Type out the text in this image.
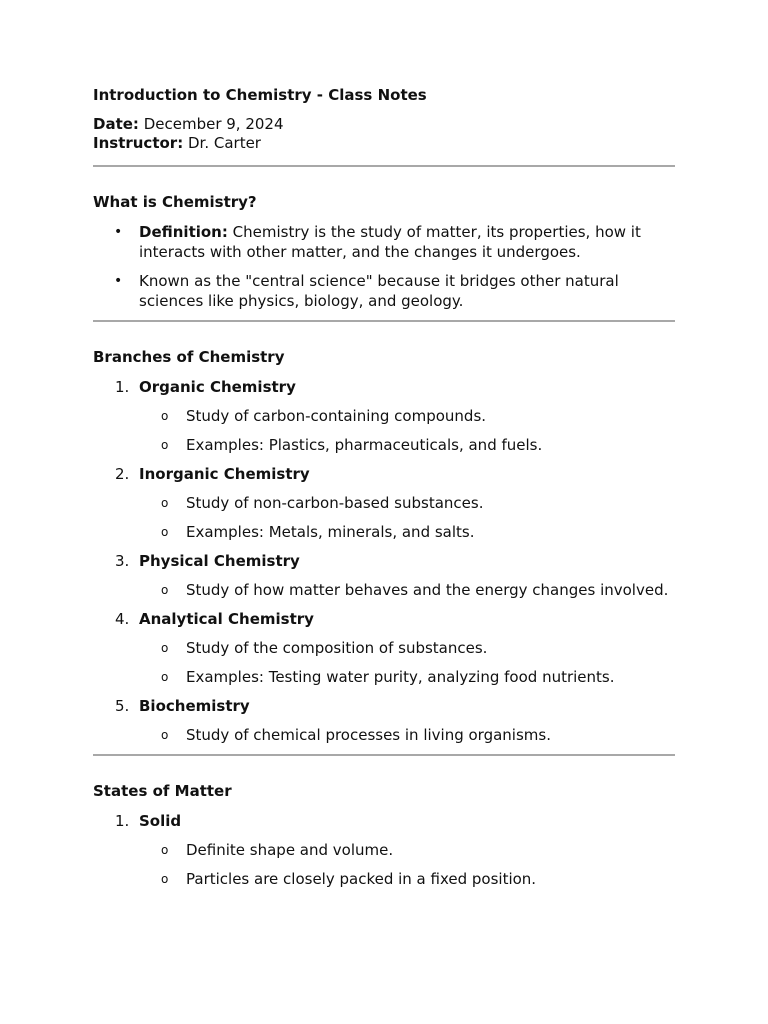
Introduction to Chemistry - Class Notes

Date: December 9, 2024

Instructor: Dr. Carter

What is Chemistry?

• Definition: Chemistry is the study of matter, its properties, how it interacts with other matter, and the changes it undergoes.
• Known as the "central science" because it bridges other natural sciences like physics, biology, and geology.

Branches of Chemistry

1. Organic Chemistry
o Study of carbon-containing compounds.
o Examples: Plastics, pharmaceuticals, and fuels.
2. Inorganic Chemistry
o Study of non-carbon-based substances.
o Examples: Metals, minerals, and salts.
3. Physical Chemistry
o Study of how matter behaves and the energy changes involved.
4. Analytical Chemistry
o Study of the composition of substances.
o Examples: Testing water purity, analyzing food nutrients.
5. Biochemistry
o Study of chemical processes in living organisms.

States of Matter

1. Solid
o Definite shape and volume.
o Particles are closely packed in a fixed position.
